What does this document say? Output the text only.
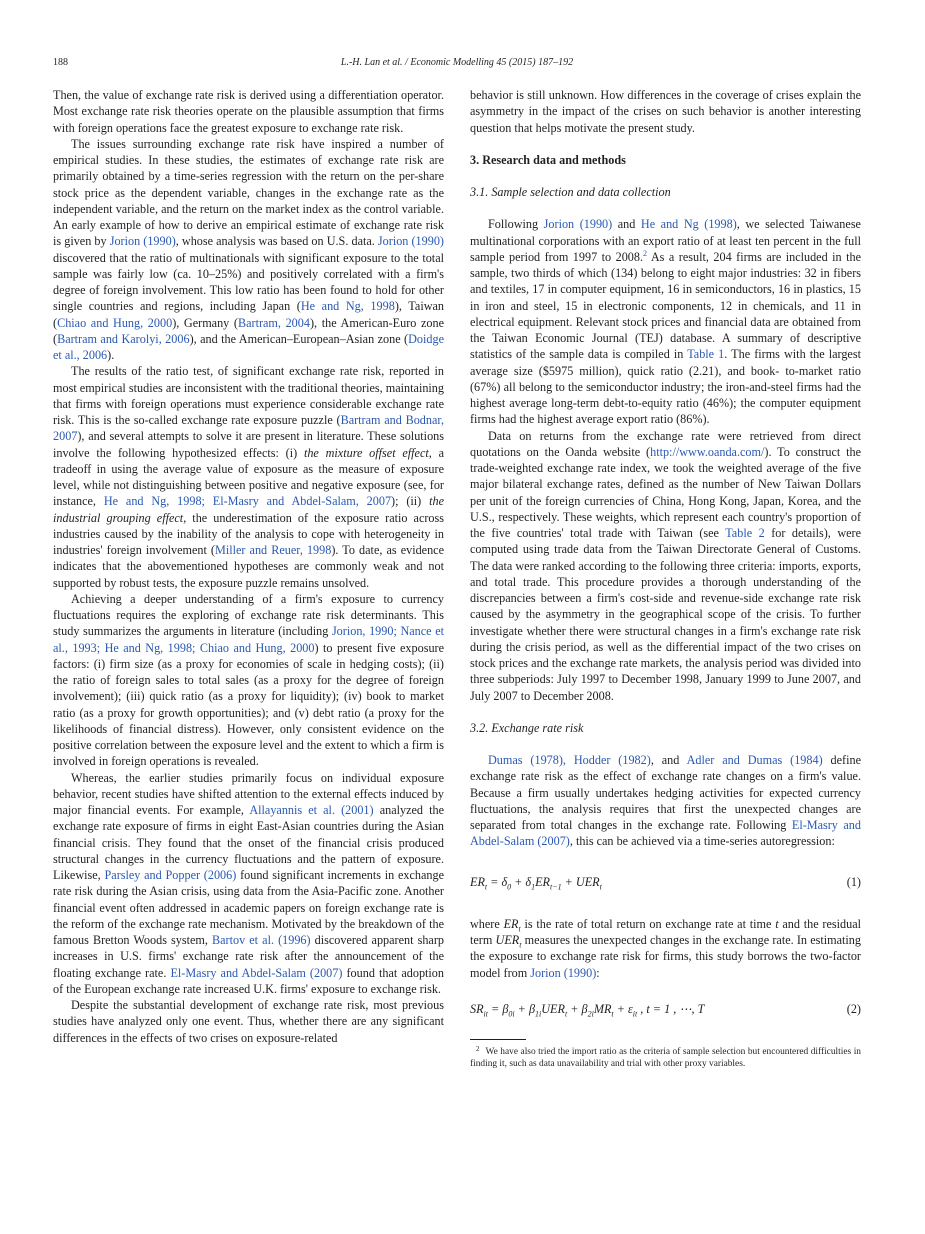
188	L.-H. Lan et al. / Economic Modelling 45 (2015) 187–192

Then, the value of exchange rate risk is derived using a differentiation operator. Most exchange rate risk theories operate on the plausible assumption that firms with foreign operations face the greatest exposure to exchange rate risk.

The issues surrounding exchange rate risk have inspired a number of empirical studies. In these studies, the estimates of exchange rate risk are primarily obtained by a time-series regression with the return on the per-share stock price as the dependent variable, changes in the exchange rate as the independent variable, and the return on the market index as the control variable. An early example of how to derive an empirical estimate of exchange rate risk is given by Jorion (1990), whose analysis was based on U.S. data. Jorion (1990) discovered that the ratio of multinationals with significant exposure to the total sample was fairly low (ca. 10–25%) and positively correlated with a firm's degree of foreign involvement. This low ratio has been found to hold for other single countries and regions, including Japan (He and Ng, 1998), Taiwan (Chiao and Hung, 2000), Germany (Bartram, 2004), the American-Euro zone (Bartram and Karolyi, 2006), and the American–European–Asian zone (Doidge et al., 2006).

The results of the ratio test, of significant exchange rate risk, reported in most empirical studies are inconsistent with the traditional theories, maintaining that firms with foreign operations must experience considerable exchange rate risk. This is the so-called exchange rate exposure puzzle (Bartram and Bodnar, 2007), and several attempts to solve it are present in literature. These solutions involve the following hypothesized effects: (i) the mixture offset effect, a tradeoff in using the average value of exposure as the measure of exposure level, while not distinguishing between positive and negative exposure (see, for instance, He and Ng, 1998; El-Masry and Abdel-Salam, 2007); (ii) the industrial grouping effect, the underestimation of the exposure ratio across industries caused by the inability of the analysis to cope with heterogeneity in industries' foreign involvement (Miller and Reuer, 1998). To date, as evidence indicates that the abovementioned hypotheses are commonly weak and not supported by robust tests, the exposure puzzle remains unsolved.

Achieving a deeper understanding of a firm's exposure to currency fluctuations requires the exploring of exchange rate risk determinants. This study summarizes the arguments in literature (including Jorion, 1990; Nance et al., 1993; He and Ng, 1998; Chiao and Hung, 2000) to present five exposure factors: (i) firm size (as a proxy for economies of scale in hedging costs); (ii) the ratio of foreign sales to total sales (as a proxy for the degree of foreign involvement); (iii) quick ratio (as a proxy for liquidity); (iv) book to market ratio (as a proxy for growth opportunities); and (v) debt ratio (a proxy for the likelihoods of financial distress). However, only consistent evidence on the positive correlation between the exposure level and the extent to which a firm is involved in foreign operations is revealed.

Whereas, the earlier studies primarily focus on individual exposure behavior, recent studies have shifted attention to the external effects induced by major financial events. For example, Allayannis et al. (2001) analyzed the exchange rate exposure of firms in eight East-Asian countries during the Asian financial crisis. They found that the onset of the financial crisis produced structural changes in the currency fluctuations and the pattern of exposure. Likewise, Parsley and Popper (2006) found significant increments in exchange rate risk during the Asian crisis, using data from the Asia-Pacific zone. Another financial event often addressed in academic papers on foreign exchange rate is the reform of the exchange rate mechanism. Motivated by the breakdown of the famous Bretton Woods system, Bartov et al. (1996) discovered apparent sharp increases in U.S. firms' exchange rate risk after the announcement of the floating exchange rate. El-Masry and Abdel-Salam (2007) found that adoption of the European exchange rate increased U.K. firms' exposure to exchange risk.

Despite the substantial development of exchange rate risk, most previous studies have analyzed only one event. Thus, whether there are any significant differences in the effects of two crises on exposure-related

behavior is still unknown. How differences in the coverage of crises explain the asymmetry in the impact of the crises on such behavior is another interesting question that helps motivate the present study.

3. Research data and methods
3.1. Sample selection and data collection

Following Jorion (1990) and He and Ng (1998), we selected Taiwanese multinational corporations with an export ratio of at least ten percent in the full sample period from 1997 to 2008.$^2$ As a result, 204 firms are included in the sample, two thirds of which (134) belong to eight major industries: 32 in fibers and textiles, 17 in computer equipment, 16 in semiconductors, 16 in plastics, 15 in iron and steel, 15 in electronic components, 12 in chemicals, and 11 in electrical equipment. Relevant stock prices and financial data are obtained from the Taiwan Economic Journal (TEJ) database. A summary of descriptive statistics of the sample data is compiled in Table 1. The firms with the largest average size ($5975 million), quick ratio (2.21), and book- to-market ratio (67%) all belong to the semiconductor industry; the iron-and-steel firms had the highest average long-term debt-to-equity ratio (46%); the computer equipment firms had the highest average export ratio (86%).

Data on returns from the exchange rate were retrieved from direct quotations on the Oanda website (http://www.oanda.com/). To construct the trade-weighted exchange rate index, we took the weighted average of the five major bilateral exchange rates, defined as the number of New Taiwan Dollars per unit of the foreign currencies of China, Hong Kong, Japan, Korea, and the U.S., respectively. These weights, which represent each country's proportion of the five countries' total trade with Taiwan (see Table 2 for details), were computed using trade data from the Taiwan Directorate General of Customs. The data were ranked according to the following three criteria: imports, exports, and total trade. This procedure provides a thorough understanding of the discrepancies between a firm's cost-side and revenue-side exchange rate risk caused by the asymmetry in the geographical scope of the crisis. To further investigate whether there were structural changes in a firm's exchange rate risk during the crisis period, as well as the differential impact of the two crises on stock prices and the exchange rate markets, the analysis period was divided into three subperiods: July 1997 to December 1998, January 1999 to June 2007, and July 2007 to December 2008.

3.2. Exchange rate risk

Dumas (1978), Hodder (1982), and Adler and Dumas (1984) define exchange rate risk as the effect of exchange rate changes on a firm's value. Because a firm usually undertakes hedging activities for expected currency fluctuations, the analysis requires that first the unexpected changes are separated from total changes in the exchange rate. Following El-Masry and Abdel-Salam (2007), this can be achieved via a time-series autoregression:

$ER_t = \delta_0 + \delta_1ER_{t-1} + UER_t$	(1)

where $ER_t$ is the rate of total return on exchange rate at time t and the residual term $UER_t$ measures the unexpected changes in the exchange rate. In estimating the exposure to exchange rate risk for firms, this study borrows the two-factor model from Jorion (1990):

$SR_{it} = \beta_{0i} + \beta_{1i}UER_t + \beta_{2i}MR_t + \varepsilon_{it}$ , t = 1 , ⋯, T	(2)
$^2$ We have also tried the import ratio as the criteria of sample selection but encountered difficulties in finding it, such as data unavailability and trial with other proxy variables.
